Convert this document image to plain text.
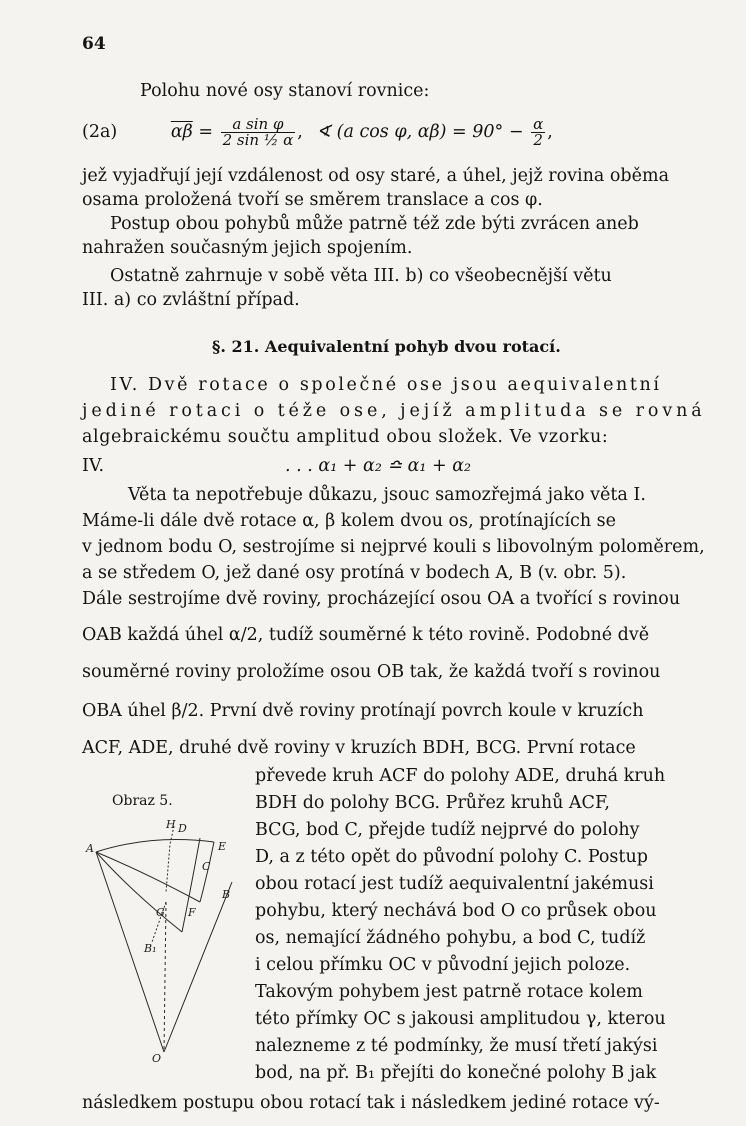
64
Polohu nové osy stanoví rovnice:
(2a)	$\overline{\alpha\beta} = \frac{\text{a sin φ}}{\text{2 sin ½ α}}$ , ∢ (a cos φ, $\alpha\beta) = 90^\circ - \frac{\alpha}{2}$ ,
jež vyjadřují její vzdálenost od osy staré, a úhel, jejž rovina oběma
osama proložená tvoří se směrem translace a cos φ.
Postup obou pohybů může patrně též zde býti zvrácen aneb
nahražen současným jejich spojením.
Ostatně zahrnuje v sobě věta III. b) co všeobecnější větu
III. a) co zvláštní případ.
§. 21. Aequivalentní pohyb dvou rotací.
IV. Dvě rotace o společné ose jsou aequivalentní
jediné rotaci o téže ose, jejíž amplituda se rovná
algebraickému součtu amplitud obou složek. Ve vzorku:
IV.	. . . α₁ + α₂ ≏ α₁ + α₂
Věta ta nepotřebuje důkazu, jsouc samozřejmá jako věta I.
Máme-li dále dvě rotace α, β kolem dvou os, protínajících se
v jednom bodu O, sestrojíme si nejprvé kouli s libovolným poloměrem,
a se středem O, jež dané osy protíná v bodech A, B (v. obr. 5).
Dále sestrojíme dvě roviny, procházející osou OA a tvořící s rovinou
OAB každá úhel α/2, tudíž souměrné k této rovině. Podobné dvě
souměrné roviny proložíme osou OB tak, že každá tvoří s rovinou
OBA úhel β/2. První dvě roviny protínají povrch koule v kruzích
ACF, ADE, druhé dvě roviny v kruzích BDH, BCG. První rotace
Obraz 5.
H D
A	E
C
G
B
F
B₁
O
převede kruh ACF do polohy ADE, druhá kruh
BDH do polohy BCG. Průřez kruhů ACF,
BCG, bod C, přejde tudíž nejprvé do polohy
D, a z této opět do původní polohy C. Postup
obou rotací jest tudíž aequivalentní jakémusi
pohybu, který nechává bod O co průsek obou
os, nemající žádného pohybu, a bod C, tudíž
i celou přímku OC v původní jejich poloze.
Takovým pohybem jest patrně rotace kolem
této přímky OC s jakousi amplitudou γ, kterou
nalezneme z té podmínky, že musí třetí jakýsi
bod, na př. B₁ přejíti do konečné polohy B jak
následkem postupu obou rotací tak i následkem jediné rotace vý-
